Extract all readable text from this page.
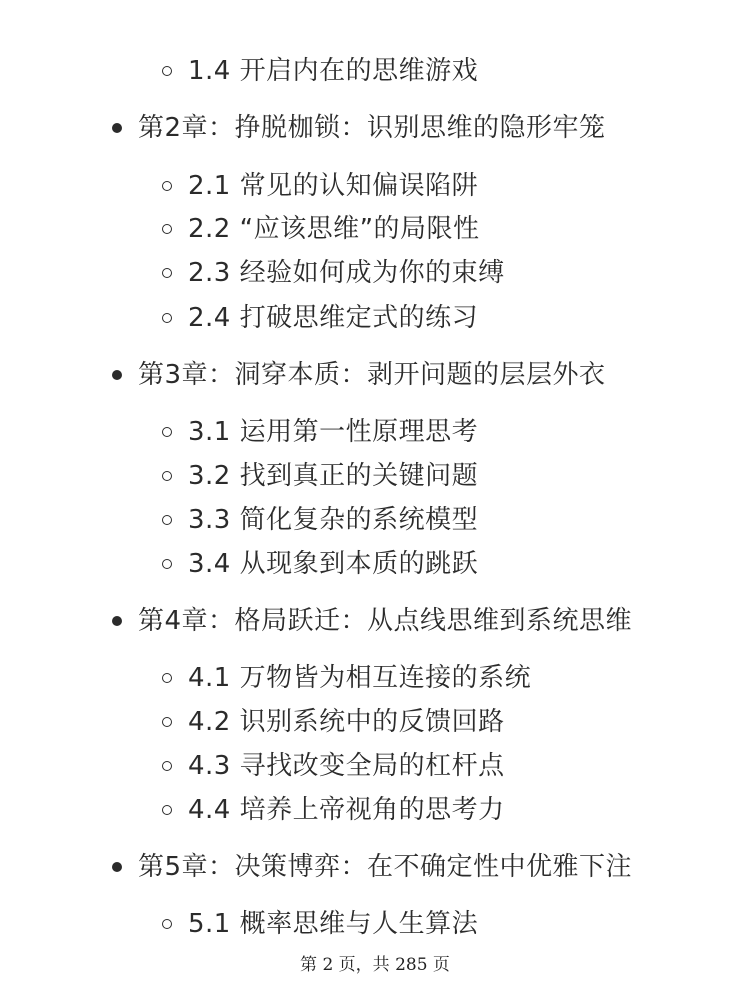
1.4 开启内在的思维游戏
第2章：挣脱枷锁：识别思维的隐形牢笼
2.1 常见的认知偏误陷阱
2.2 “应该思维”的局限性
2.3 经验如何成为你的束缚
2.4 打破思维定式的练习
第3章：洞穿本质：剥开问题的层层外衣
3.1 运用第一性原理思考
3.2 找到真正的关键问题
3.3 简化复杂的系统模型
3.4 从现象到本质的跳跃
第4章：格局跃迁：从点线思维到系统思维
4.1 万物皆为相互连接的系统
4.2 识别系统中的反馈回路
4.3 寻找改变全局的杠杆点
4.4 培养上帝视角的思考力
第5章：决策博弈：在不确定性中优雅下注
5.1 概率思维与人生算法
第 2 页，共 285 页
